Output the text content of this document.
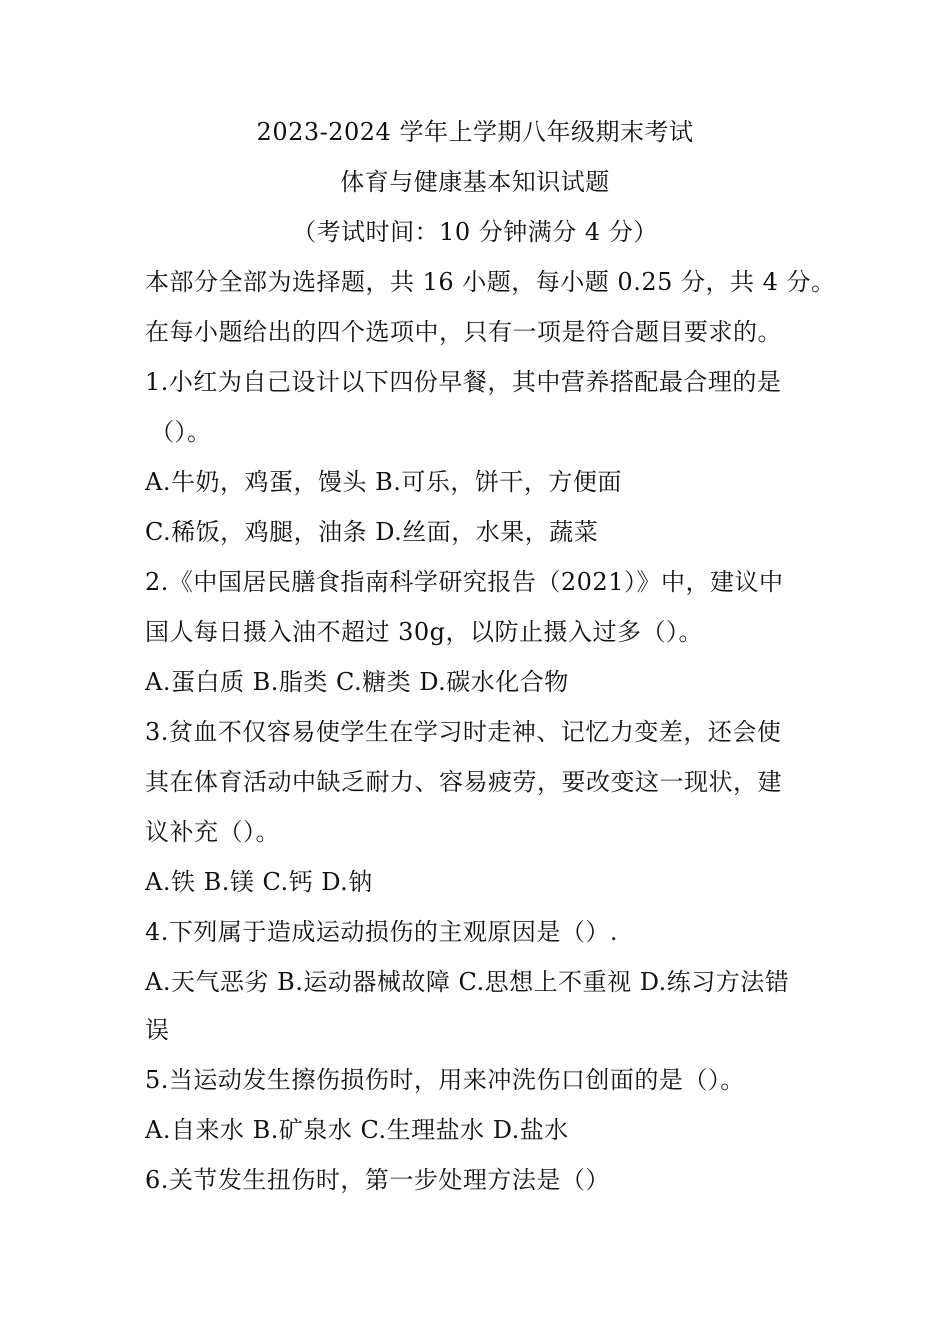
2023-2024 学年上学期八年级期末考试
体育与健康基本知识试题
（考试时间：10 分钟满分 4 分）
本部分全部为选择题，共 16 小题，每小题 0.25 分，共 4 分。
在每小题给出的四个选项中，只有一项是符合题目要求的。
1.小红为自己设计以下四份早餐，其中营养搭配最合理的是
（）。
A.牛奶，鸡蛋，馒头 B.可乐，饼干，方便面
C.稀饭，鸡腿，油条 D.丝面，水果，蔬菜
2.《中国居民膳食指南科学研究报告（2021）》中，建议中
国人每日摄入油不超过 30g，以防止摄入过多（）。
A.蛋白质 B.脂类 C.糖类 D.碳水化合物
3.贫血不仅容易使学生在学习时走神、记忆力变差，还会使
其在体育活动中缺乏耐力、容易疲劳，要改变这一现状，建
议补充（）。
A.铁 B.镁 C.钙 D.钠
4.下列属于造成运动损伤的主观原因是（）.
A.天气恶劣 B.运动器械故障 C.思想上不重视 D.练习方法错
误
5.当运动发生擦伤损伤时，用来冲洗伤口创面的是（）。
A.自来水 B.矿泉水 C.生理盐水 D.盐水
6.关节发生扭伤时，第一步处理方法是（）
